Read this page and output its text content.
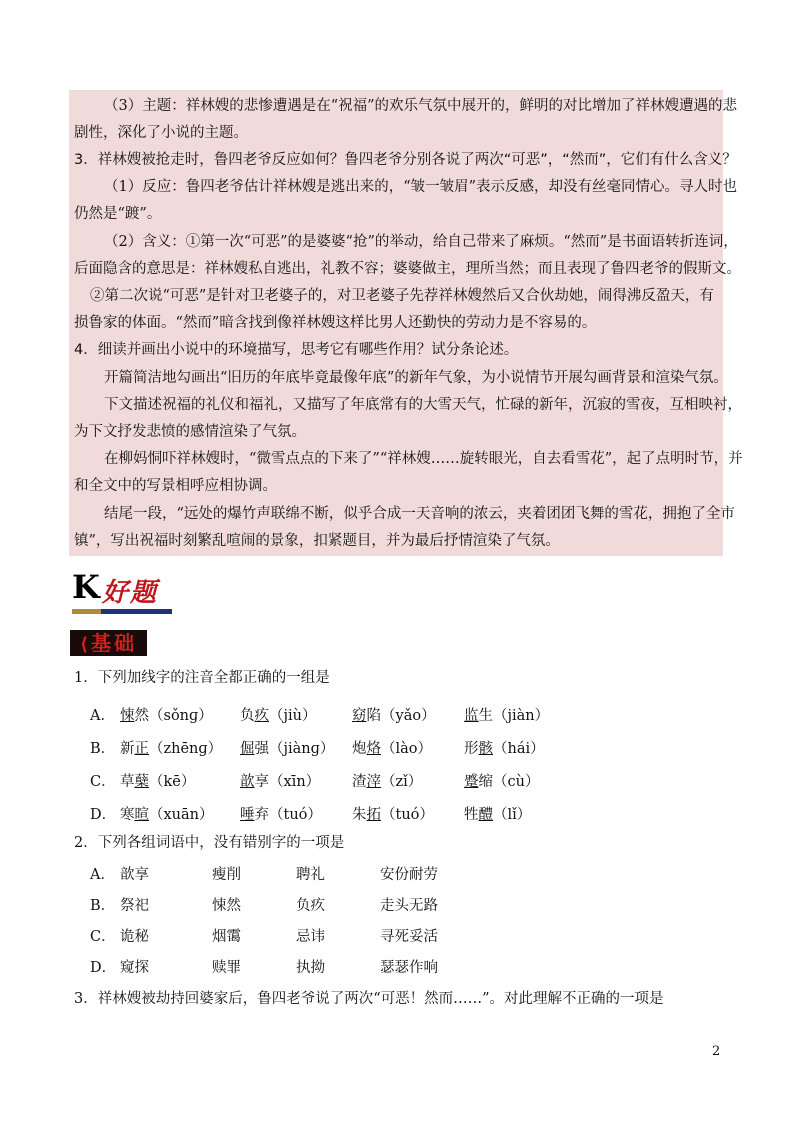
（3）主题：祥林嫂的悲惨遭遇是在“祝福”的欢乐气氛中展开的，鲜明的对比增加了祥林嫂遭遇的悲
剧性，深化了小说的主题。
3．祥林嫂被抢走时，鲁四老爷反应如何？鲁四老爷分别各说了两次“可恶”，“然而”，它们有什么含义？
（1）反应：鲁四老爷估计祥林嫂是逃出来的，“皱一皱眉”表示反感，却没有丝毫同情心。寻人时也
仍然是“踱”。
（2）含义：①第一次“可恶”的是婆婆“抢”的举动，给自己带来了麻烦。“然而”是书面语转折连词，
后面隐含的意思是：祥林嫂私自逃出，礼教不容；婆婆做主，理所当然；而且表现了鲁四老爷的假斯文。
②第二次说“可恶”是针对卫老婆子的，对卫老婆子先荐祥林嫂然后又合伙劫她，闹得沸反盈天，有
损鲁家的体面。“然而”暗含找到像祥林嫂这样比男人还勤快的劳动力是不容易的。
4．细读并画出小说中的环境描写，思考它有哪些作用？试分条论述。
开篇简洁地勾画出“旧历的年底毕竟最像年底”的新年气象，为小说情节开展勾画背景和渲染气氛。
下文描述祝福的礼仪和福礼，又描写了年底常有的大雪天气，忙碌的新年，沉寂的雪夜，互相映衬，
为下文抒发悲愤的感情渲染了气氛。
在柳妈恫吓祥林嫂时，“微雪点点的下来了”“祥林嫂……旋转眼光，自去看雪花”，起了点明时节，并
和全文中的写景相呼应相协调。
结尾一段，“远处的爆竹声联绵不断，似乎合成一天音响的浓云，夹着团团飞舞的雪花，拥抱了全市
镇”，写出祝福时刻繁乱喧闹的景象，扣紧题目，并为最后抒情渲染了气氛。
K 好题
⟨基础
1．下列加线字的注音全都正确的一组是
A． 悚然（sǒnɡ） 负疚（jiù） 窈陷（yǎo） 监生（jiàn）
B． 新正（zhēnɡ） 倔强（jiànɡ） 炮烙（lào） 形骸（hái）
C． 草蘖（kē）	歆享（xīn） 渣滓（zǐ）	蹙缩（cù）
D． 寒暄（xuān） 唾弃（tuó） 朱拓（tuó） 牲醴（lǐ）
2．下列各组词语中，没有错别字的一项是
A． 歆享	瘦削	聘礼	安份耐劳
B． 祭祀	悚然	负疚	走头无路
C． 诡秘	烟霭	忌讳	寻死妥活
D． 窥探	赎罪	执拗	瑟瑟作响
3．祥林嫂被劫持回婆家后，鲁四老爷说了两次“可恶！然而……”。对此理解不正确的一项是
2
